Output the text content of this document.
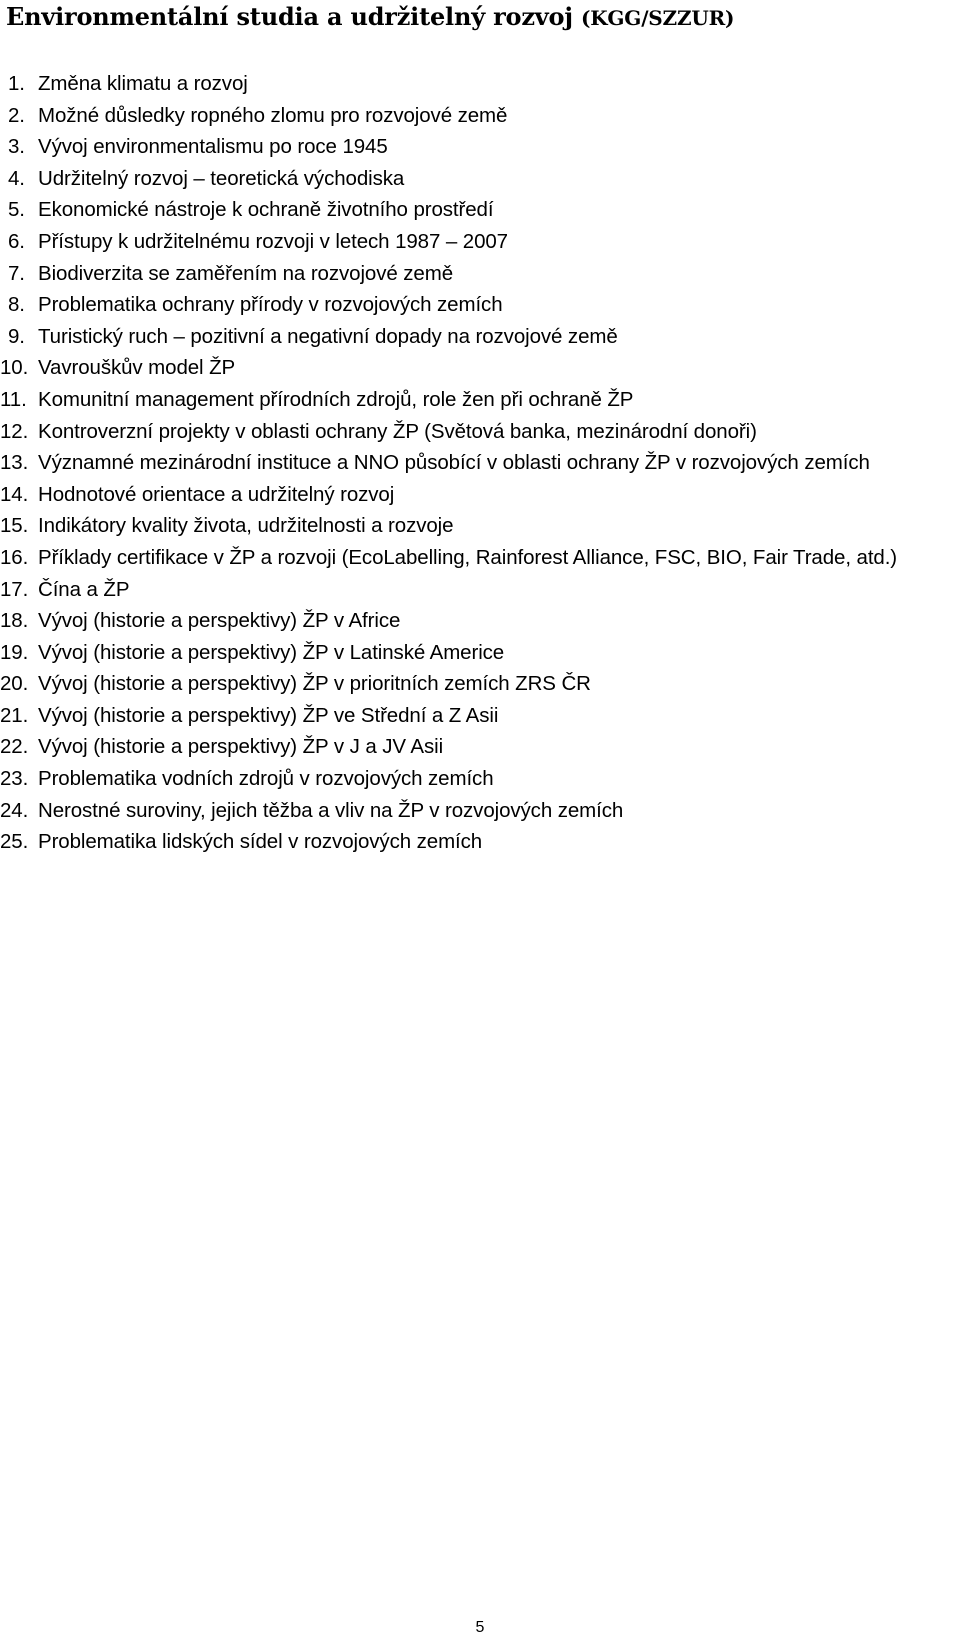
Environmentální studia a udržitelný rozvoj (KGG/SZZUR)
1. Změna klimatu a rozvoj
2. Možné důsledky ropného zlomu pro rozvojové země
3. Vývoj environmentalismu po roce 1945
4. Udržitelný rozvoj – teoretická východiska
5. Ekonomické nástroje k ochraně životního prostředí
6. Přístupy k udržitelnému rozvoji v letech 1987 – 2007
7. Biodiverzita se zaměřením na rozvojové země
8. Problematika ochrany přírody v rozvojových zemích
9. Turistický ruch – pozitivní a negativní dopady na rozvojové země
10. Vavrouškův model ŽP
11. Komunitní management přírodních zdrojů, role žen při ochraně ŽP
12. Kontroverzní projekty v oblasti ochrany ŽP (Světová banka, mezinárodní donoři)
13. Významné mezinárodní instituce a NNO působící v oblasti ochrany ŽP v rozvojových zemích
14. Hodnotové orientace a udržitelný rozvoj
15. Indikátory kvality života, udržitelnosti a rozvoje
16. Příklady certifikace v ŽP a rozvoji (EcoLabelling, Rainforest Alliance, FSC, BIO, Fair Trade, atd.)
17. Čína a ŽP
18. Vývoj (historie a perspektivy) ŽP v Africe
19. Vývoj (historie a perspektivy) ŽP v Latinské Americe
20. Vývoj (historie a perspektivy) ŽP v prioritních zemích ZRS ČR
21. Vývoj (historie a perspektivy) ŽP ve Střední a Z Asii
22. Vývoj (historie a perspektivy) ŽP v J a JV Asii
23. Problematika vodních zdrojů v rozvojových zemích
24. Nerostné suroviny, jejich těžba a vliv na ŽP v rozvojových zemích
25. Problematika lidských sídel v rozvojových zemích
5
